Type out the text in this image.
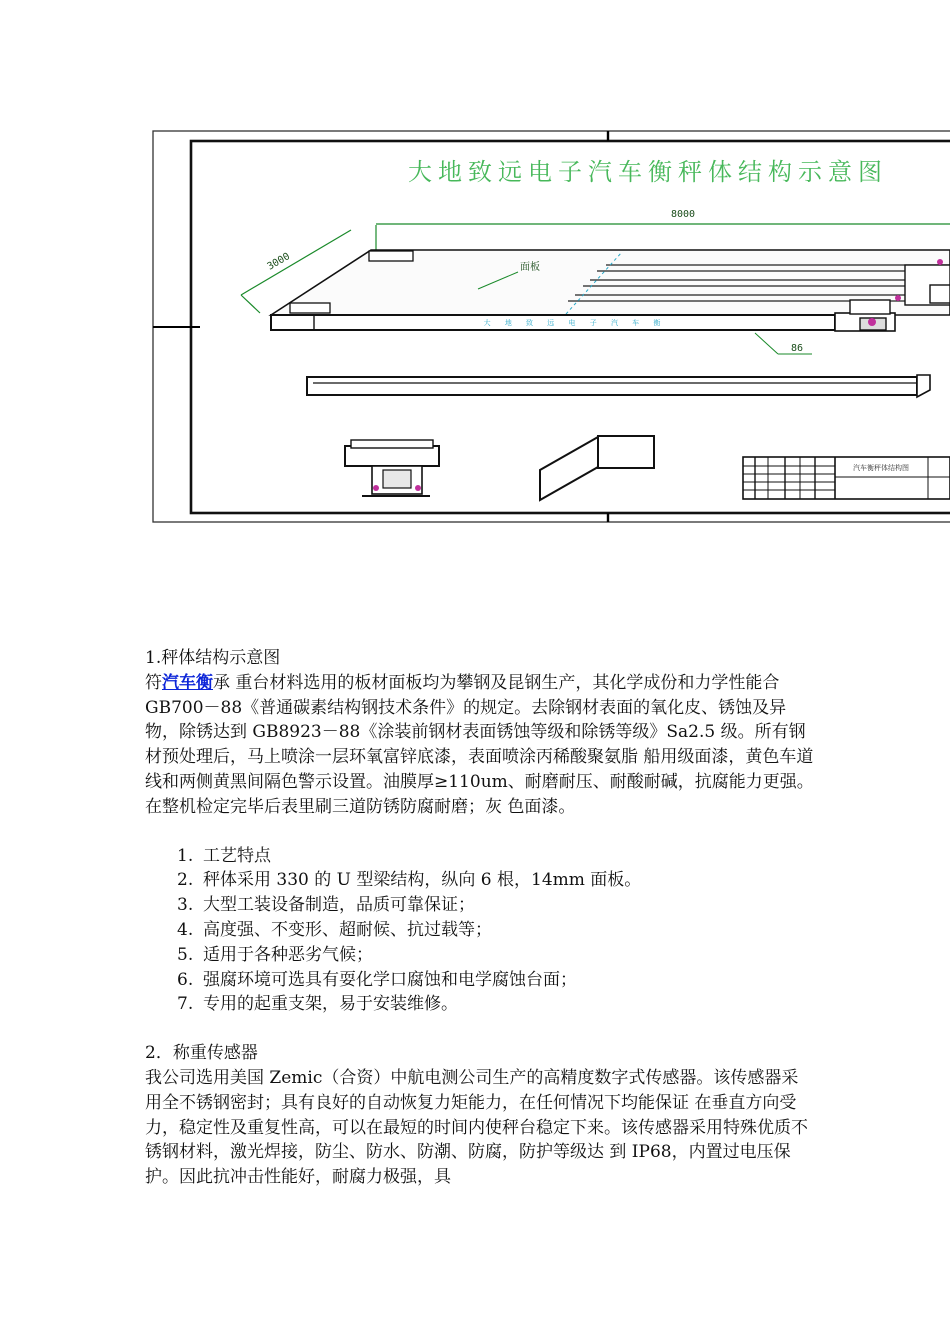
大地致远电子汽车衡秤体结构示意图
8000
3000	面板
大 地 致 远 电 子 汽 车 衡
86
汽车衡秤体结构图

1.秤体结构示意图

符汽车衡承 重台材料选用的板材面板均为攀钢及昆钢生产，其化学成份和力学性能合 GB700－88《普通碳素结构钢技术条件》的规定。去除钢材表面的氧化皮、锈蚀及异 物，除锈达到 GB8923－88《涂装前钢材表面锈蚀等级和除锈等级》Sa2.5 级。所有钢材预处理后，马上喷涂一层环氧富锌底漆，表面喷涂丙稀酸聚氨脂 船用级面漆，黄色车道线和两侧黄黑间隔色警示设置。油膜厚≥110um、耐磨耐压、耐酸耐碱，抗腐能力更强。在整机检定完毕后表里刷三道防锈防腐耐磨；灰 色面漆。

1. 工艺特点
2. 秤体采用 330 的 U 型梁结构，纵向 6 根，14mm 面板。
3. 大型工装设备制造，品质可靠保证；
4. 高度强、不变形、超耐候、抗过载等；
5. 适用于各种恶劣气候；
6. 强腐环境可选具有耍化学口腐蚀和电学腐蚀台面；
7. 专用的起重支架，易于安装维修。

2．称重传感器

我公司选用美国 Zemic（合资）中航电测公司生产的高精度数字式传感器。该传感器采用全不锈钢密封；具有良好的自动恢复力矩能力，在任何情况下均能保证 在垂直方向受力，稳定性及重复性高，可以在最短的时间内使秤台稳定下来。该传感器采用特殊优质不锈钢材料，激光焊接，防尘、防水、防潮、防腐，防护等级达 到 IP68，内置过电压保护。因此抗冲击性能好，耐腐力极强，具
